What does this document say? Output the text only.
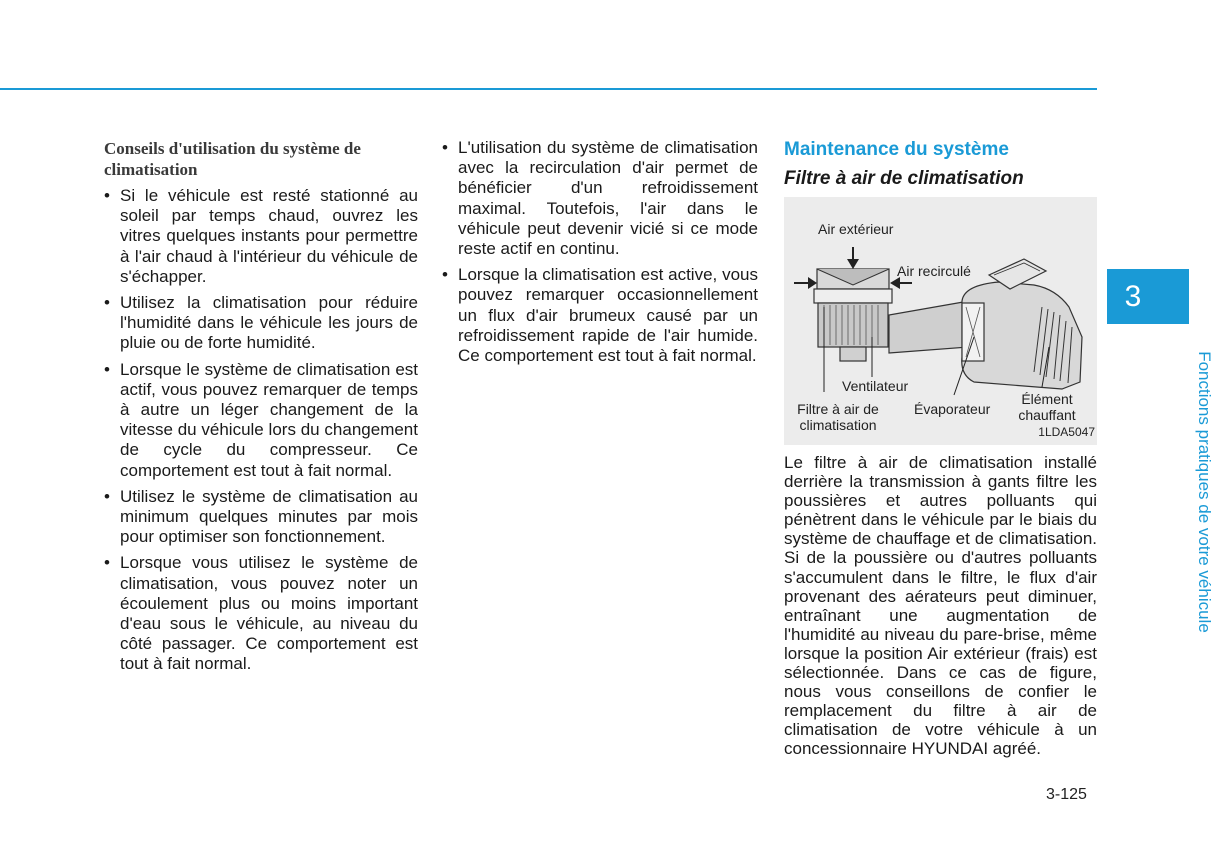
Conseils d'utilisation du système de climatisation
• Si le véhicule est resté stationné au soleil par temps chaud, ouvrez les vitres quelques instants pour permettre à l'air chaud à l'intérieur du véhicule de s'échapper.
• Utilisez la climatisation pour réduire l'humidité dans le véhicule les jours de pluie ou de forte humidité.
• Lorsque le système de climatisation est actif, vous pouvez remarquer de temps à autre un léger changement de la vitesse du véhicule lors du changement de cycle du compresseur. Ce comportement est tout à fait normal.
• Utilisez le système de climatisation au minimum quelques minutes par mois pour optimiser son fonctionnement.
• Lorsque vous utilisez le système de climatisation, vous pouvez noter un écoulement plus ou moins important d'eau sous le véhicule, au niveau du côté passager. Ce comportement est tout à fait normal.
• L'utilisation du système de climatisation avec la recirculation d'air permet de bénéficier d'un refroidissement maximal. Toutefois, l'air dans le véhicule peut devenir vicié si ce mode reste actif en continu.
• Lorsque la climatisation est active, vous pouvez remarquer occasionnellement un flux d'air brumeux causé par un refroidissement rapide de l'air humide. Ce comportement est tout à fait normal.
Maintenance du système
Filtre à air de climatisation
Air extérieur
Air recirculé
Ventilateur
Filtre à air de climatisation
Évaporateur
Élément chauffant
1LDA5047

Le filtre à air de climatisation installé derrière la transmission à gants filtre les poussières et autres polluants qui pénètrent dans le véhicule par le biais du système de chauffage et de climatisation. Si de la poussière ou d'autres polluants s'accumulent dans le filtre, le flux d'air provenant des aérateurs peut diminuer, entraînant une augmentation de l'humidité au niveau du pare-brise, même lorsque la position Air extérieur (frais) est sélectionnée. Dans ce cas de figure, nous vous conseillons de confier le remplacement du filtre à air de climatisation de votre véhicule à un concessionnaire HYUNDAI agréé.

3
Fonctions pratiques de votre véhicule
3-125
